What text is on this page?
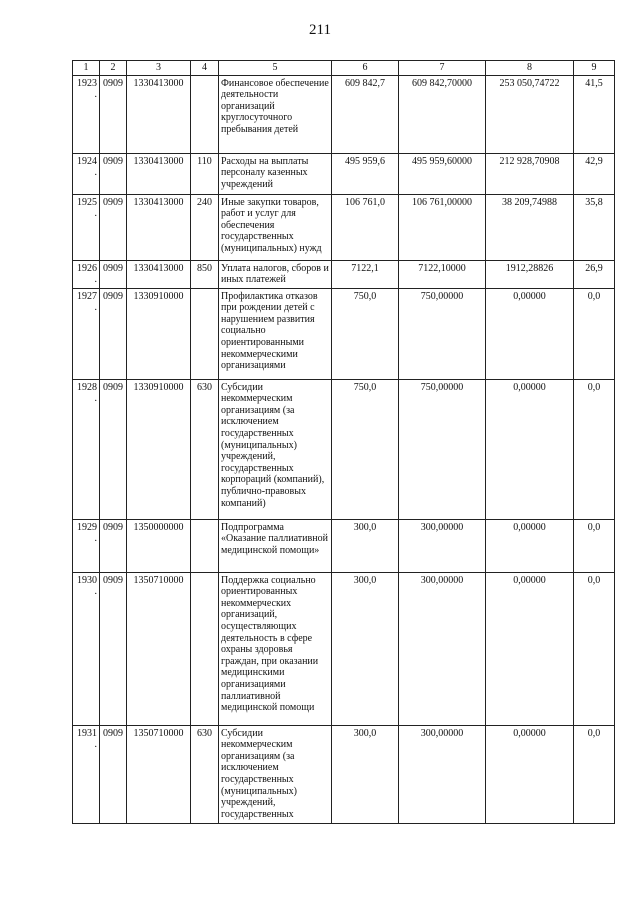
211
1	2	3	4	5	6	7	8	9
1923.	0909	1330413000		Финансовое обеспечение деятельности организаций круглосуточного пребывания детей	609 842,7	609 842,70000	253 050,74722	41,5
1924.	0909	1330413000	110	Расходы на выплаты персоналу казенных учреждений	495 959,6	495 959,60000	212 928,70908	42,9
1925.	0909	1330413000	240	Иные закупки товаров, работ и услуг для обеспечения государственных (муниципальных) нужд	106 761,0	106 761,00000	38 209,74988	35,8
1926.	0909	1330413000	850	Уплата налогов, сборов и иных платежей	7122,1	7122,10000	1912,28826	26,9
1927.	0909	1330910000		Профилактика отказов при рождении детей с нарушением развития социально ориентированными некоммерческими организациями	750,0	750,00000	0,00000	0,0
1928.	0909	1330910000	630	Субсидии некоммерческим организациям (за исключением государственных (муниципальных) учреждений, государственных корпораций (компаний), публично-правовых компаний)	750,0	750,00000	0,00000	0,0
1929.	0909	1350000000		Подпрограмма «Оказание паллиативной медицинской помощи»	300,0	300,00000	0,00000	0,0
1930.	0909	1350710000		Поддержка социально ориентированных некоммерческих организаций, осуществляющих деятельность в сфере охраны здоровья граждан, при оказании медицинскими организациями паллиативной медицинской помощи	300,0	300,00000	0,00000	0,0
1931.	0909	1350710000	630	Субсидии некоммерческим организациям (за исключением государственных (муниципальных) учреждений, государственных	300,0	300,00000	0,00000	0,0
